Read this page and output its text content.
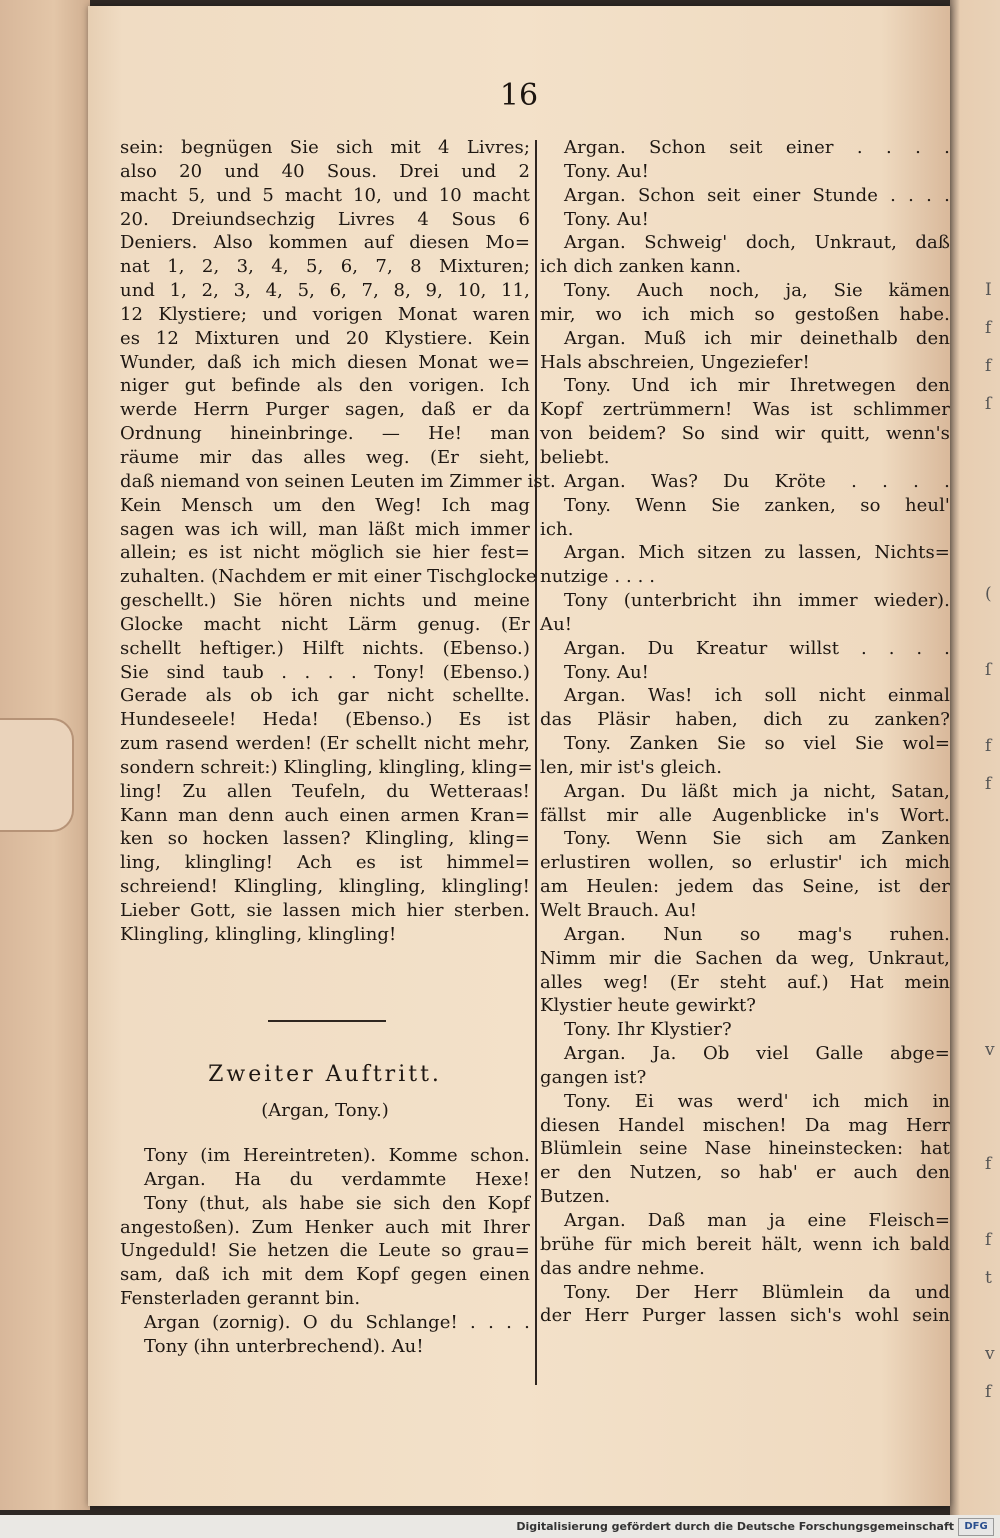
I
f
f
ſ
(
ſ
f
f
v
f
f
t
v
f
16
sein: begnügen Sie sich mit 4 Livres;
also 20 und 40 Sous. Drei und 2
macht 5, und 5 macht 10, und 10 macht
20. Dreiundsechzig Livres 4 Sous 6
Deniers. Also kommen auf diesen Mo=
nat 1, 2, 3, 4, 5, 6, 7, 8 Mixturen;
und 1, 2, 3, 4, 5, 6, 7, 8, 9, 10, 11,
12 Klystiere; und vorigen Monat waren
es 12 Mixturen und 20 Klystiere. Kein
Wunder, daß ich mich diesen Monat we=
niger gut befinde als den vorigen. Ich
werde Herrn Purger sagen, daß er da
Ordnung hineinbringe. — He! man
räume mir das alles weg. (Er sieht,
daß niemand von seinen Leuten im Zimmer ist.
Kein Mensch um den Weg! Ich mag
sagen was ich will, man läßt mich immer
allein; es ist nicht möglich sie hier fest=
zuhalten. (Nachdem er mit einer Tischglocke
geschellt.) Sie hören nichts und meine
Glocke macht nicht Lärm genug. (Er
schellt heftiger.) Hilft nichts. (Ebenso.)
Sie sind taub . . . . Tony! (Ebenso.)
Gerade als ob ich gar nicht schellte.
Hundeseele! Heda! (Ebenso.) Es ist
zum rasend werden! (Er schellt nicht mehr,
sondern schreit:) Klingling, klingling, kling=
ling! Zu allen Teufeln, du Wetteraas!
Kann man denn auch einen armen Kran=
ken so hocken lassen? Klingling, kling=
ling, klingling! Ach es ist himmel=
schreiend! Klingling, klingling, klingling!
Lieber Gott, sie lassen mich hier sterben.
Klingling, klingling, klingling!
Zweiter Auftritt.
(Argan, Tony.)
Tony (im Hereintreten). Komme schon.
Argan. Ha du verdammte Hexe!
Tony (thut, als habe sie sich den Kopf
angestoßen). Zum Henker auch mit Ihrer
Ungeduld! Sie hetzen die Leute so grau=
sam, daß ich mit dem Kopf gegen einen
Fensterladen gerannt bin.
Argan (zornig). O du Schlange! . . . .
Tony (ihn unterbrechend). Au!
Argan. Schon seit einer . . . .
Tony. Au!
Argan. Schon seit einer Stunde . . . .
Tony. Au!
Argan. Schweig' doch, Unkraut, daß
ich dich zanken kann.
Tony. Auch noch, ja, Sie kämen
mir, wo ich mich so gestoßen habe.
Argan. Muß ich mir deinethalb den
Hals abschreien, Ungeziefer!
Tony. Und ich mir Ihretwegen den
Kopf zertrümmern! Was ist schlimmer
von beidem? So sind wir quitt, wenn's
beliebt.
Argan. Was? Du Kröte . . . .
Tony. Wenn Sie zanken, so heul'
ich.
Argan. Mich sitzen zu lassen, Nichts=
nutzige . . . .
Tony (unterbricht ihn immer wieder).
Au!
Argan. Du Kreatur willst . . . .
Tony. Au!
Argan. Was! ich soll nicht einmal
das Pläsir haben, dich zu zanken?
Tony. Zanken Sie so viel Sie wol=
len, mir ist's gleich.
Argan. Du läßt mich ja nicht, Satan,
fällst mir alle Augenblicke in's Wort.
Tony. Wenn Sie sich am Zanken
erlustiren wollen, so erlustir' ich mich
am Heulen: jedem das Seine, ist der
Welt Brauch. Au!
Argan. Nun so mag's ruhen.
Nimm mir die Sachen da weg, Unkraut,
alles weg! (Er steht auf.) Hat mein
Klystier heute gewirkt?
Tony. Ihr Klystier?
Argan. Ja. Ob viel Galle abge=
gangen ist?
Tony. Ei was werd' ich mich in
diesen Handel mischen! Da mag Herr
Blümlein seine Nase hineinstecken: hat
er den Nutzen, so hab' er auch den
Butzen.
Argan. Daß man ja eine Fleisch=
brühe für mich bereit hält, wenn ich bald
das andre nehme.
Tony. Der Herr Blümlein da und
der Herr Purger lassen sich's wohl sein
Digitalisierung gefördert durch die Deutsche Forschungsgemeinschaft	DFG
